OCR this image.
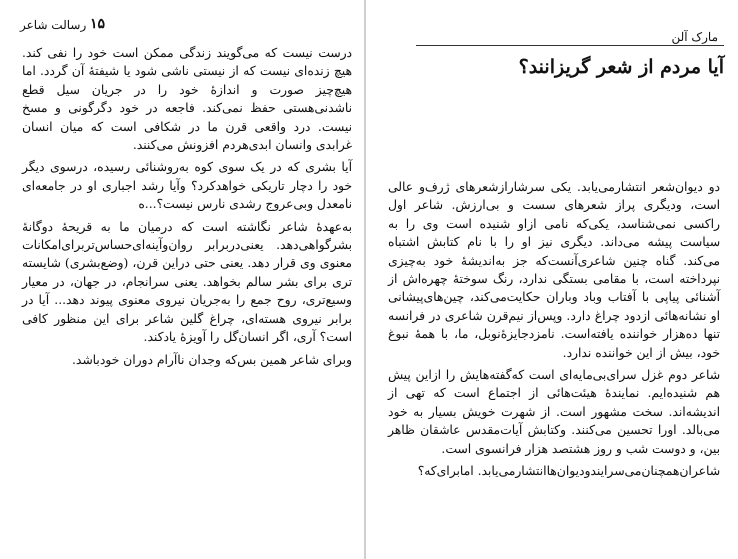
رسالت شاعر ۱۵

درست نیست که می‌گویند زندگی ممکن است خود را نفی کند. هیچ زنده‌ای نیست که از نیستی ناشی شود یا شیفتهٔ آن گردد. اما هیچ‌چیز صورت و اندازهٔ خود را در جریان سیل قطع ناشدنی‌هستی حفظ نمی‌کند. فاجعه در خود دگرگونی و مسخ نیست. درد واقعی قرن ما در شکافی است که میان انسان غرابدی وانسان ابدی‌هردم افزونش می‌کنند.

آیا بشری که در یک سوی کوه به‌روشنائی رسیده، درسوی دیگر خود را دچار تاریکی خواهدکرد؟ وآیا رشد اجباری او در جامعه‌ای نامعدل وبی‌عروج رشدی نارس نیست؟...ه

به‌عهدهٔ شاعر نگاشته است که درمیان ما به قریحهٔ دوگانهٔ بشرگواهی‌دهد. یعنی‌دربرابر روان‌وآینه‌ای‌حساس‌تربرای‌امکانات معنوی وی قرار دهد. یعنی حتی دراین قرن، (وضع‌بشری) شایسته‌ تری برای بشر سالم بخواهد. یعنی سرانجام، در جهان، در معیار وسیع‌تری، روح جمع را به‌جریان نیروی معنوی پیوند دهد... آیا در برابر نیروی هسته‌ای، چراغ گلین شاعر برای این منظور کافی است؟ آری، اگر انسان‌گل را آویزهٔ یادکند.

وبرای شاعر همین بس‌که وجدان ناآرام دوران خودباشد.

مارک آلن
آیا مردم از شعر گریزانند؟

دو دیوان‌شعر انتشارمی‌یابد. یکی سرشاراز‌شعرهای ژرف‌و عالی است، ودیگری پراز شعرهای سست و بی‌ارزش. شاعر اول راکسی نمی‌شناسد، یکی‌که نامی ازاو شنیده است وی را به سیاست پیشه می‌داند. دیگری نیز او را با نام کتابش اشتباه می‌کند. گناه چنین شاعری‌آنست‌که جز به‌اندیشهٔ خود به‌چیزی نپرداخته است، با مقامی بستگی ندارد، رنگ سوختهٔ چهره‌اش از آشنائی پیاپی با آفتاب وباد وباران حکایت‌می‌کند، چین‌های‌پیشانی او نشانه‌هائی ازدود چراغ دارد. وپس‌از نیم‌قرن شاعری در فرانسه تنها ده‌هزار خواننده یافته‌است. نامزدجایزهٔ‌نوبل، ما، با همهٔ نبوغ خود، بیش از این خواننده ندارد.

شاعر دوم غزل سرای‌بی‌مایه‌ای است که‌گفته‌هایش را ازاین پیش هم شنیده‌ایم. نمایندهٔ هیئت‌هائی از اجتماع است که تهی از اندیشه‌اند. سخت مشهور است. از شهرت خویش بسیار به خود می‌بالد. اورا تحسین می‌کنند. وکتابش آیات‌مقدس عاشقان ظاهر بین، و دوست شب و روز هشتصد هزار فرانسوی است.

شاعران‌همچنان‌می‌سرایندودیوان‌هاانتشارمی‌یابد. امابرای‌که؟
